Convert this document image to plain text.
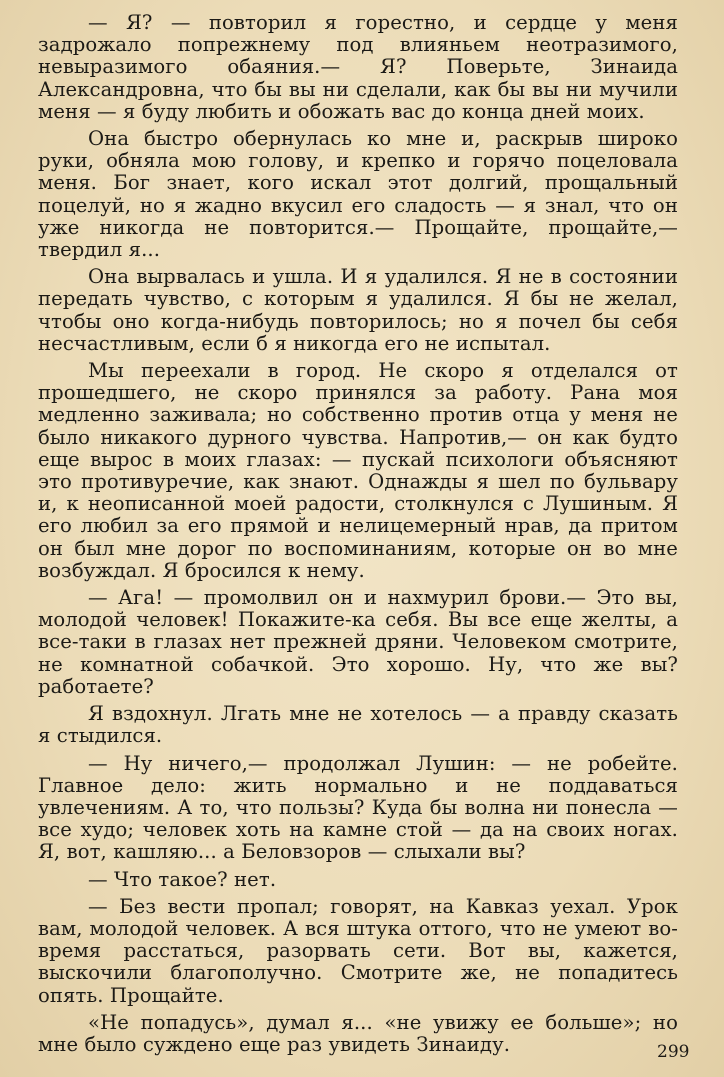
— Я? — повторил я горестно, и сердце у меня задрожало попрежнему под влияньем неотразимого, невыразимого обаяния.— Я? Поверьте, Зинаида Александровна, что бы вы ни сделали, как бы вы ни мучили меня — я буду любить и обожать вас до конца дней моих.

Она быстро обернулась ко мне и, раскрыв широко руки, обняла мою голову, и крепко и горячо поцеловала меня. Бог знает, кого искал этот долгий, прощальный поцелуй, но я жадно вкусил его сладость — я знал, что он уже никогда не повторится.— Прощайте, прощайте,— твердил я...

Она вырвалась и ушла. И я удалился. Я не в состоянии передать чувство, с которым я удалился. Я бы не желал, чтобы оно когда-нибудь повторилось; но я почел бы себя несчастливым, если б я никогда его не испытал.

Мы переехали в город. Не скоро я отделался от прошедшего, не скоро принялся за работу. Рана моя медленно заживала; но собственно против отца у меня не было никакого дурного чувства. Напротив,— он как будто еще вырос в моих глазах: — пускай психологи объясняют это противуречие, как знают. Однажды я шел по бульвару и, к неописанной моей радости, столкнулся с Лушиным. Я его любил за его прямой и нелицемерный нрав, да притом он был мне дорог по воспоминаниям, которые он во мне возбуждал. Я бросился к нему.

— Ага! — промолвил он и нахмурил брови.— Это вы, молодой человек! Покажите-ка себя. Вы все еще желты, а все-таки в глазах нет прежней дряни. Человеком смотрите, не комнатной собачкой. Это хорошо. Ну, что же вы? работаете?

Я вздохнул. Лгать мне не хотелось — а правду сказать я стыдился.

— Ну ничего,— продолжал Лушин: — не робейте. Главное дело: жить нормально и не поддаваться увлечениям. А то, что пользы? Куда бы волна ни понесла — все худо; человек хоть на камне стой — да на своих ногах. Я, вот, кашляю... а Беловзоров — слыхали вы?

— Что такое? нет.

— Без вести пропал; говорят, на Кавказ уехал. Урок вам, молодой человек. А вся штука оттого, что не умеют во-время расстаться, разорвать сети. Вот вы, кажется, выскочили благополучно. Смотрите же, не попадитесь опять. Прощайте.

«Не попадусь», думал я... «не увижу ее больше»; но мне было суждено еще раз увидеть Зинаиду.	299
